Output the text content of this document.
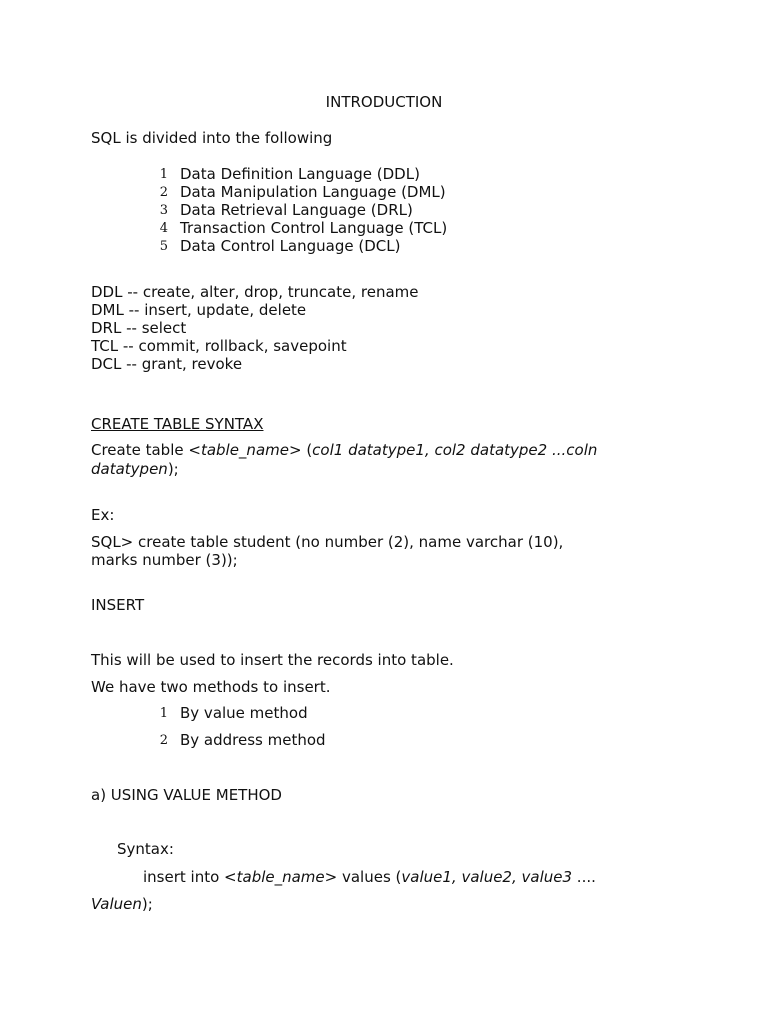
INTRODUCTION
SQL is divided into the following
1 Data Definition Language (DDL)
2 Data Manipulation Language (DML)
3 Data Retrieval Language (DRL)
4 Transaction Control Language (TCL)
5 Data Control Language (DCL)
DDL -- create, alter, drop, truncate, rename
DML -- insert, update, delete
DRL -- select
TCL -- commit, rollback, savepoint
DCL -- grant, revoke
CREATE TABLE SYNTAX
Create table <table_name> (col1 datatype1, col2 datatype2 ...coln
datatypen);
Ex:
SQL> create table student (no number (2), name varchar (10),
marks number (3));
INSERT
This will be used to insert the records into table.
We have two methods to insert.
1 By value method
2 By address method
a) USING VALUE METHOD
Syntax:
insert into <table_name> values (value1, value2, value3 ....
Valuen);
